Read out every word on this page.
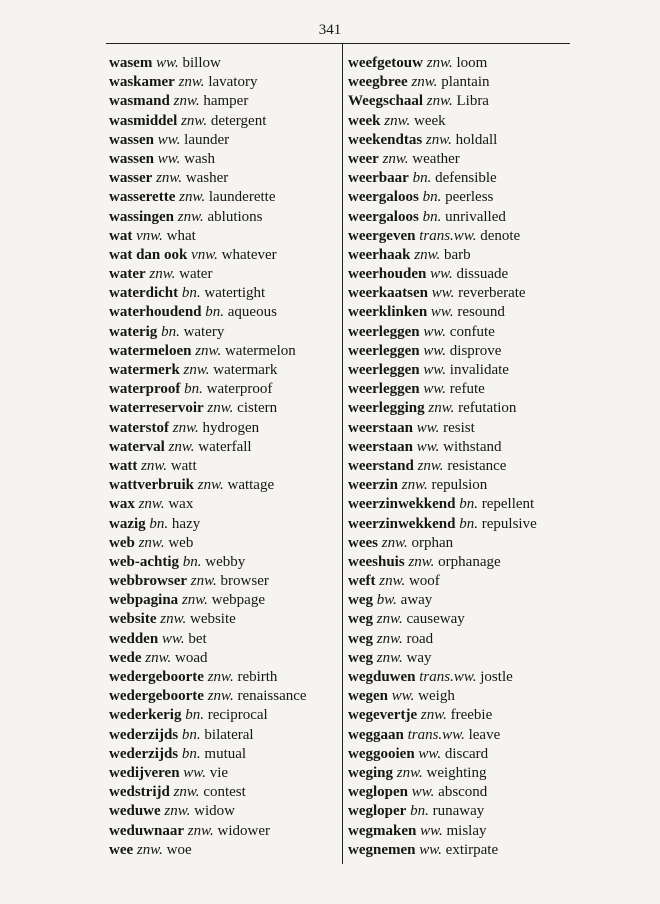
341
wasem ww. billow
waskamer znw. lavatory
wasmand znw. hamper
wasmiddel znw. detergent
wassen ww. launder
wassen ww. wash
wasser znw. washer
wasserette znw. launderette
wassingen znw. ablutions
wat vnw. what
wat dan ook vnw. whatever
water znw. water
waterdicht bn. watertight
waterhoudend bn. aqueous
waterig bn. watery
watermeloen znw. watermelon
watermerk znw. watermark
waterproof bn. waterproof
waterreservoir znw. cistern
waterstof znw. hydrogen
waterval znw. waterfall
watt znw. watt
wattverbruik znw. wattage
wax znw. wax
wazig bn. hazy
web znw. web
web-achtig bn. webby
webbrowser znw. browser
webpagina znw. webpage
website znw. website
wedden ww. bet
wede znw. woad
wedergeboorte znw. rebirth
wedergeboorte znw. renaissance
wederkerig bn. reciprocal
wederzijds bn. bilateral
wederzijds bn. mutual
wedijveren ww. vie
wedstrijd znw. contest
weduwe znw. widow
weduwnaar znw. widower
wee znw. woe
weefgetouw znw. loom
weegbree znw. plantain
Weegschaal znw. Libra
week znw. week
weekendtas znw. holdall
weer znw. weather
weerbaar bn. defensible
weergaloos bn. peerless
weergaloos bn. unrivalled
weergeven trans.ww. denote
weerhaak znw. barb
weerhouden ww. dissuade
weerkaatsen ww. reverberate
weerklinken ww. resound
weerleggen ww. confute
weerleggen ww. disprove
weerleggen ww. invalidate
weerleggen ww. refute
weerlegging znw. refutation
weerstaan ww. resist
weerstaan ww. withstand
weerstand znw. resistance
weerzin znw. repulsion
weerzinwekkend bn. repellent
weerzinwekkend bn. repulsive
wees znw. orphan
weeshuis znw. orphanage
weft znw. woof
weg bw. away
weg znw. causeway
weg znw. road
weg znw. way
wegduwen trans.ww. jostle
wegen ww. weigh
wegevertje znw. freebie
weggaan trans.ww. leave
weggooien ww. discard
weging znw. weighting
weglopen ww. abscond
wegloper bn. runaway
wegmaken ww. mislay
wegnemen ww. extirpate
